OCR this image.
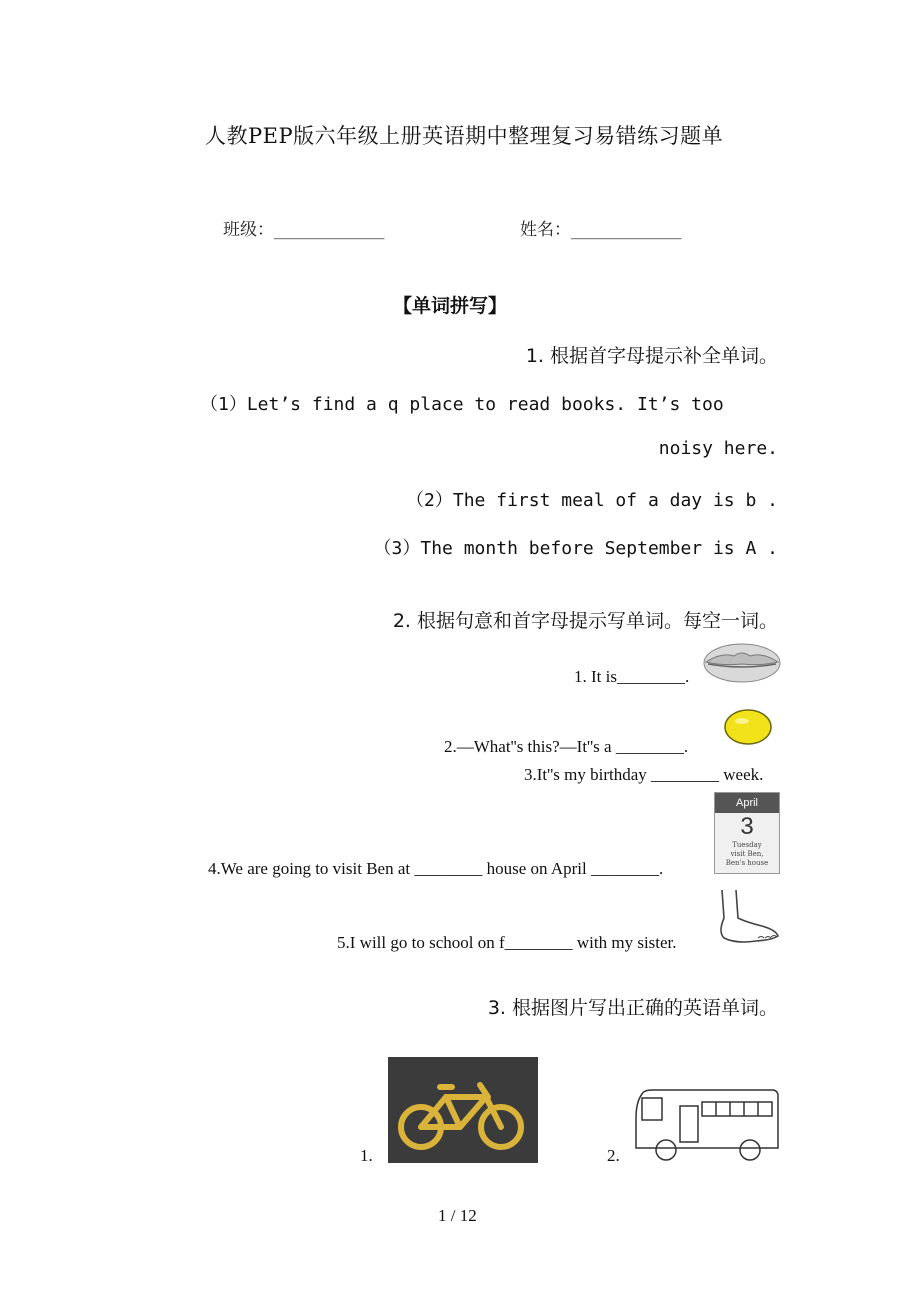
人教PEP版六年级上册英语期中整理复习易错练习题单
班级：_____________	姓名：_____________
【单词拼写】
1. 根据首字母提示补全单词。
（1）Let’s find a q place to read books. It’s too
noisy here.
（2）The first meal of a day is b .
（3）The month before September is A .
2. 根据句意和首字母提示写单词。每空一词。
1. It is________.
2.—What''s this?—It''s a ________.
3.It''s my birthday ________ week.
4.We are going to visit Ben at ________ house on April ________.
April
3
Tuesday
visit Ben,
Ben's house
5.I will go to school on f________ with my sister.
3. 根据图片写出正确的英语单词。
1.	2.
1 / 12
